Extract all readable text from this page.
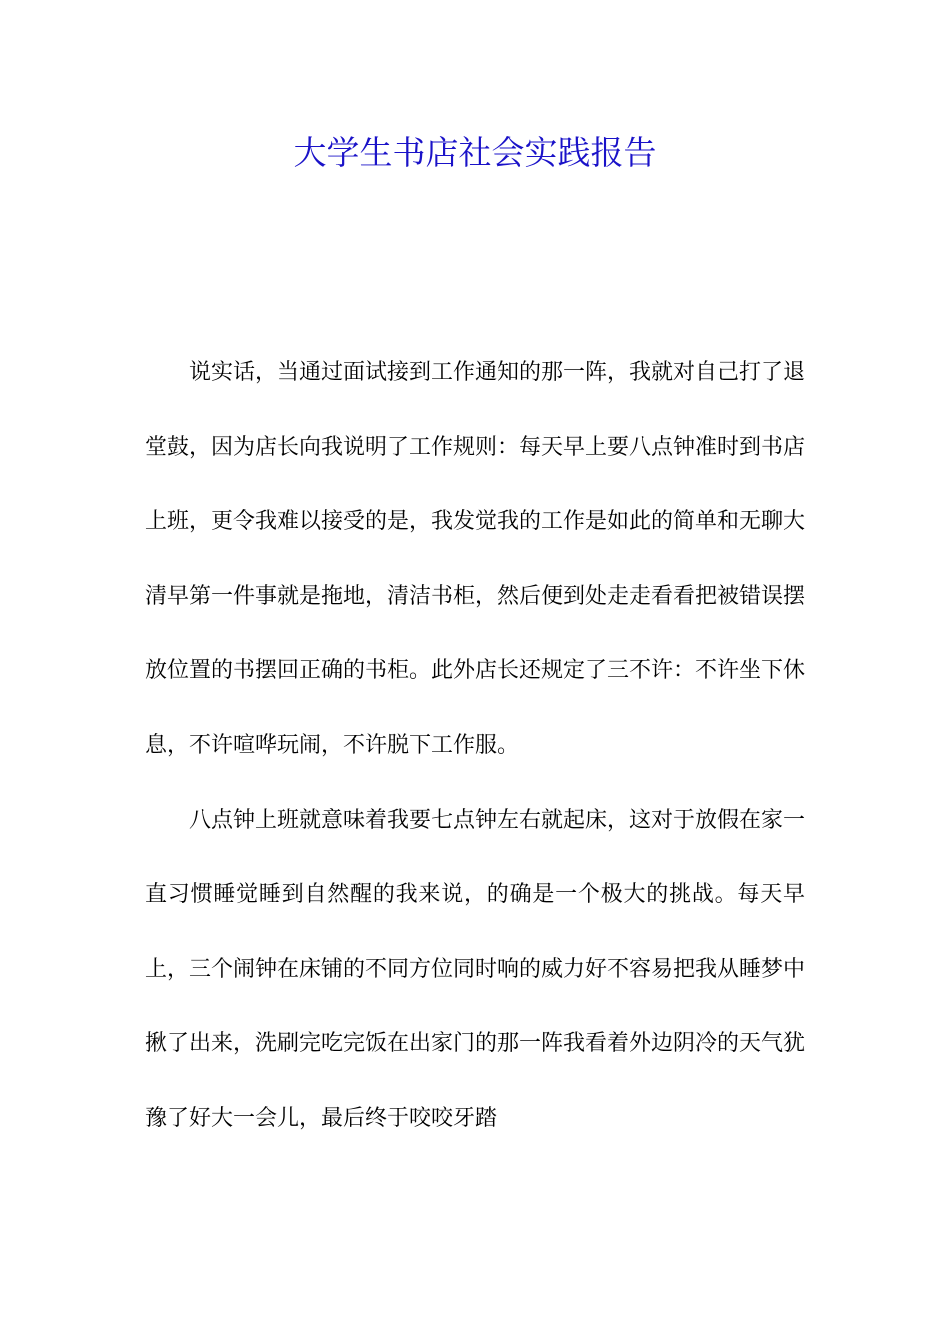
大学生书店社会实践报告

说实话，当通过面试接到工作通知的那一阵，我就对自己打了退堂鼓，因为店长向我说明了工作规则：每天早上要八点钟准时到书店上班，更令我难以接受的是，我发觉我的工作是如此的简单和无聊大清早第一件事就是拖地，清洁书柜，然后便到处走走看看把被错误摆放位置的书摆回正确的书柜。此外店长还规定了三不许：不许坐下休息，不许喧哗玩闹，不许脱下工作服。

八点钟上班就意味着我要七点钟左右就起床，这对于放假在家一直习惯睡觉睡到自然醒的我来说，的确是一个极大的挑战。每天早上，三个闹钟在床铺的不同方位同时响的威力好不容易把我从睡梦中揪了出来，洗刷完吃完饭在出家门的那一阵我看着外边阴冷的天气犹豫了好大一会儿，最后终于咬咬牙踏
